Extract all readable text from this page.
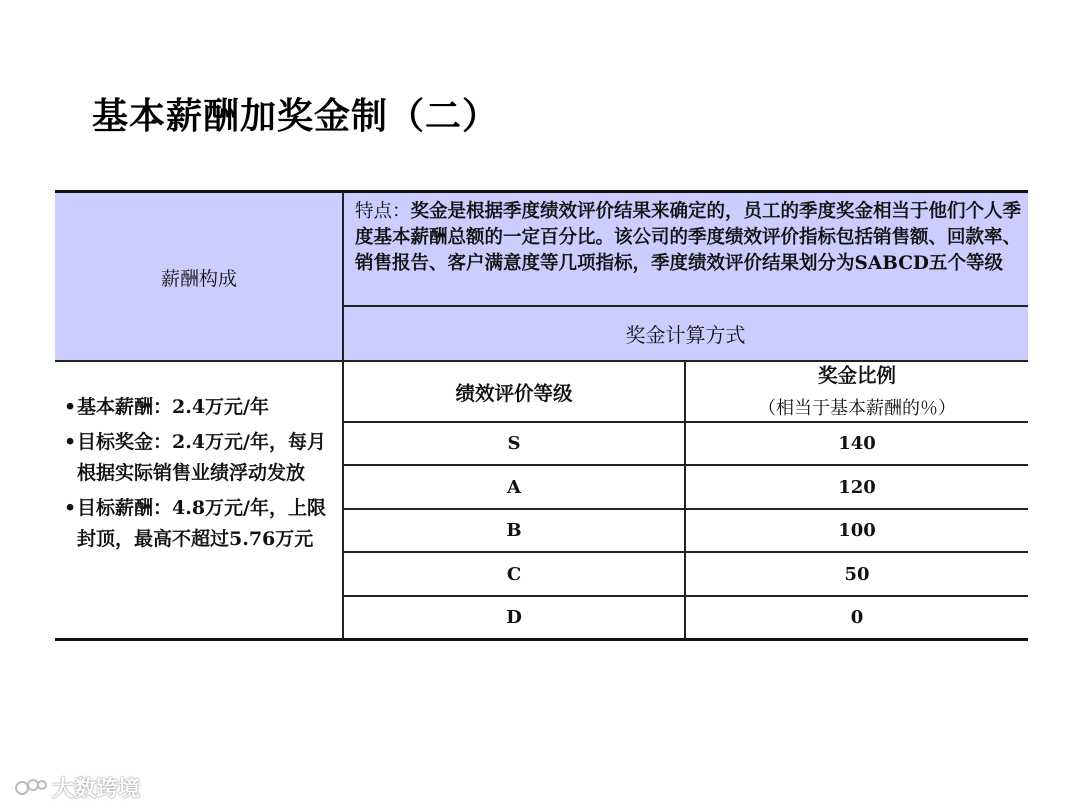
基本薪酬加奖金制（二）
薪酬构成
特点：奖金是根据季度绩效评价结果来确定的，员工的季度奖金相当于他们个人季度基本薪酬总额的一定百分比。该公司的季度绩效评价指标包括销售额、回款率、销售报告、客户满意度等几项指标，季度绩效评价结果划分为SABCD五个等级
奖金计算方式
• 基本薪酬：2.4万元/年
• 目标奖金：2.4万元/年，每月根据实际销售业绩浮动发放
• 目标薪酬：4.8万元/年，上限封顶，最高不超过5.76万元
绩效评价等级
奖金比例
（相当于基本薪酬的％）
S	140
A	120
B	100
C	50
D	0
大数跨境
